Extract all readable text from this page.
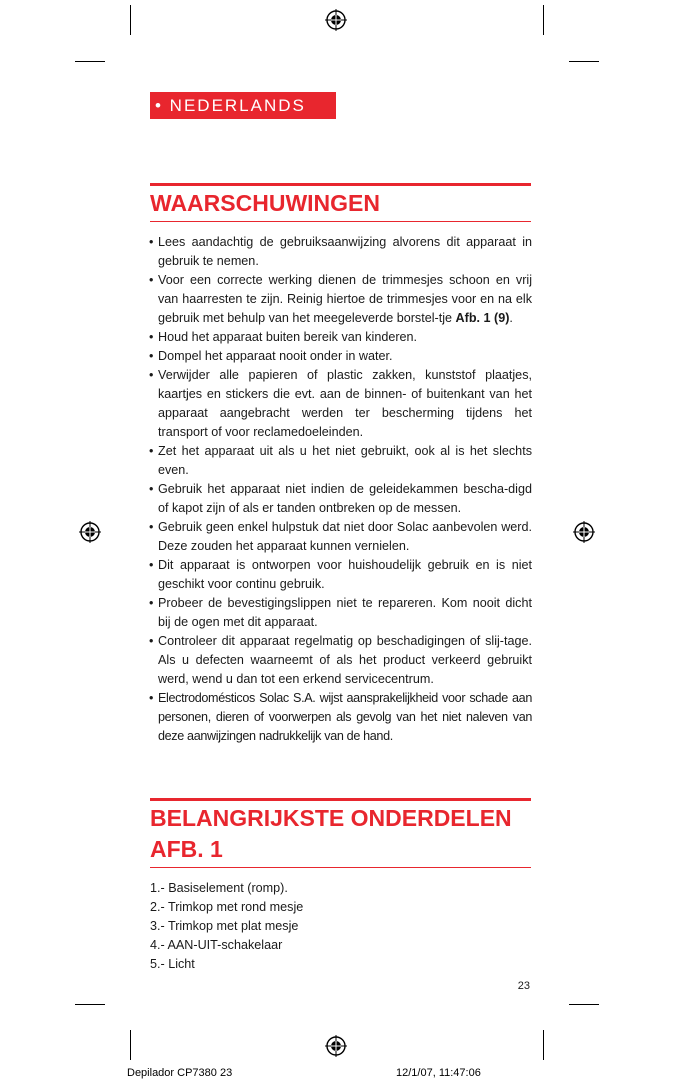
• NEDERLANDS
WAARSCHUWINGEN
• Lees aandachtig de gebruiksaanwijzing alvorens dit apparaat in gebruik te nemen.
• Voor een correcte werking dienen de trimmesjes schoon en vrij van haarresten te zijn. Reinig hiertoe de trimmesjes voor en na elk gebruik met behulp van het meegeleverde borstel-tje Afb. 1 (9).
• Houd het apparaat buiten bereik van kinderen.
• Dompel het apparaat nooit onder in water.
• Verwijder alle papieren of plastic zakken, kunststof plaatjes, kaartjes en stickers die evt. aan de binnen- of buitenkant van het apparaat aangebracht werden ter bescherming tijdens het transport of voor reclamedoeleinden.
• Zet het apparaat uit als u het niet gebruikt, ook al is het slechts even.
• Gebruik het apparaat niet indien de geleidekammen bescha-digd of kapot zijn of als er tanden ontbreken op de messen.
• Gebruik geen enkel hulpstuk dat niet door Solac aanbevolen werd. Deze zouden het apparaat kunnen vernielen.
• Dit apparaat is ontworpen voor huishoudelijk gebruik en is niet geschikt voor continu gebruik.
• Probeer de bevestigingslippen niet te repareren. Kom nooit dicht bij de ogen met dit apparaat.
• Controleer dit apparaat regelmatig op beschadigingen of slij-tage. Als u defecten waarneemt of als het product verkeerd gebruikt werd, wend u dan tot een erkend servicecentrum.
• Electrodomésticos Solac S.A. wijst aansprakelijkheid voor schade aan personen, dieren of voorwerpen als gevolg van het niet naleven van deze aanwijzingen nadrukkelijk van de hand.
BELANGRIJKSTE ONDERDELEN
AFB. 1
1.- Basiselement (romp).
2.- Trimkop met rond mesje
3.- Trimkop met plat mesje
4.- AAN-UIT-schakelaar
5.- Licht
23
Depilador CP7380 23	12/1/07, 11:47:06
